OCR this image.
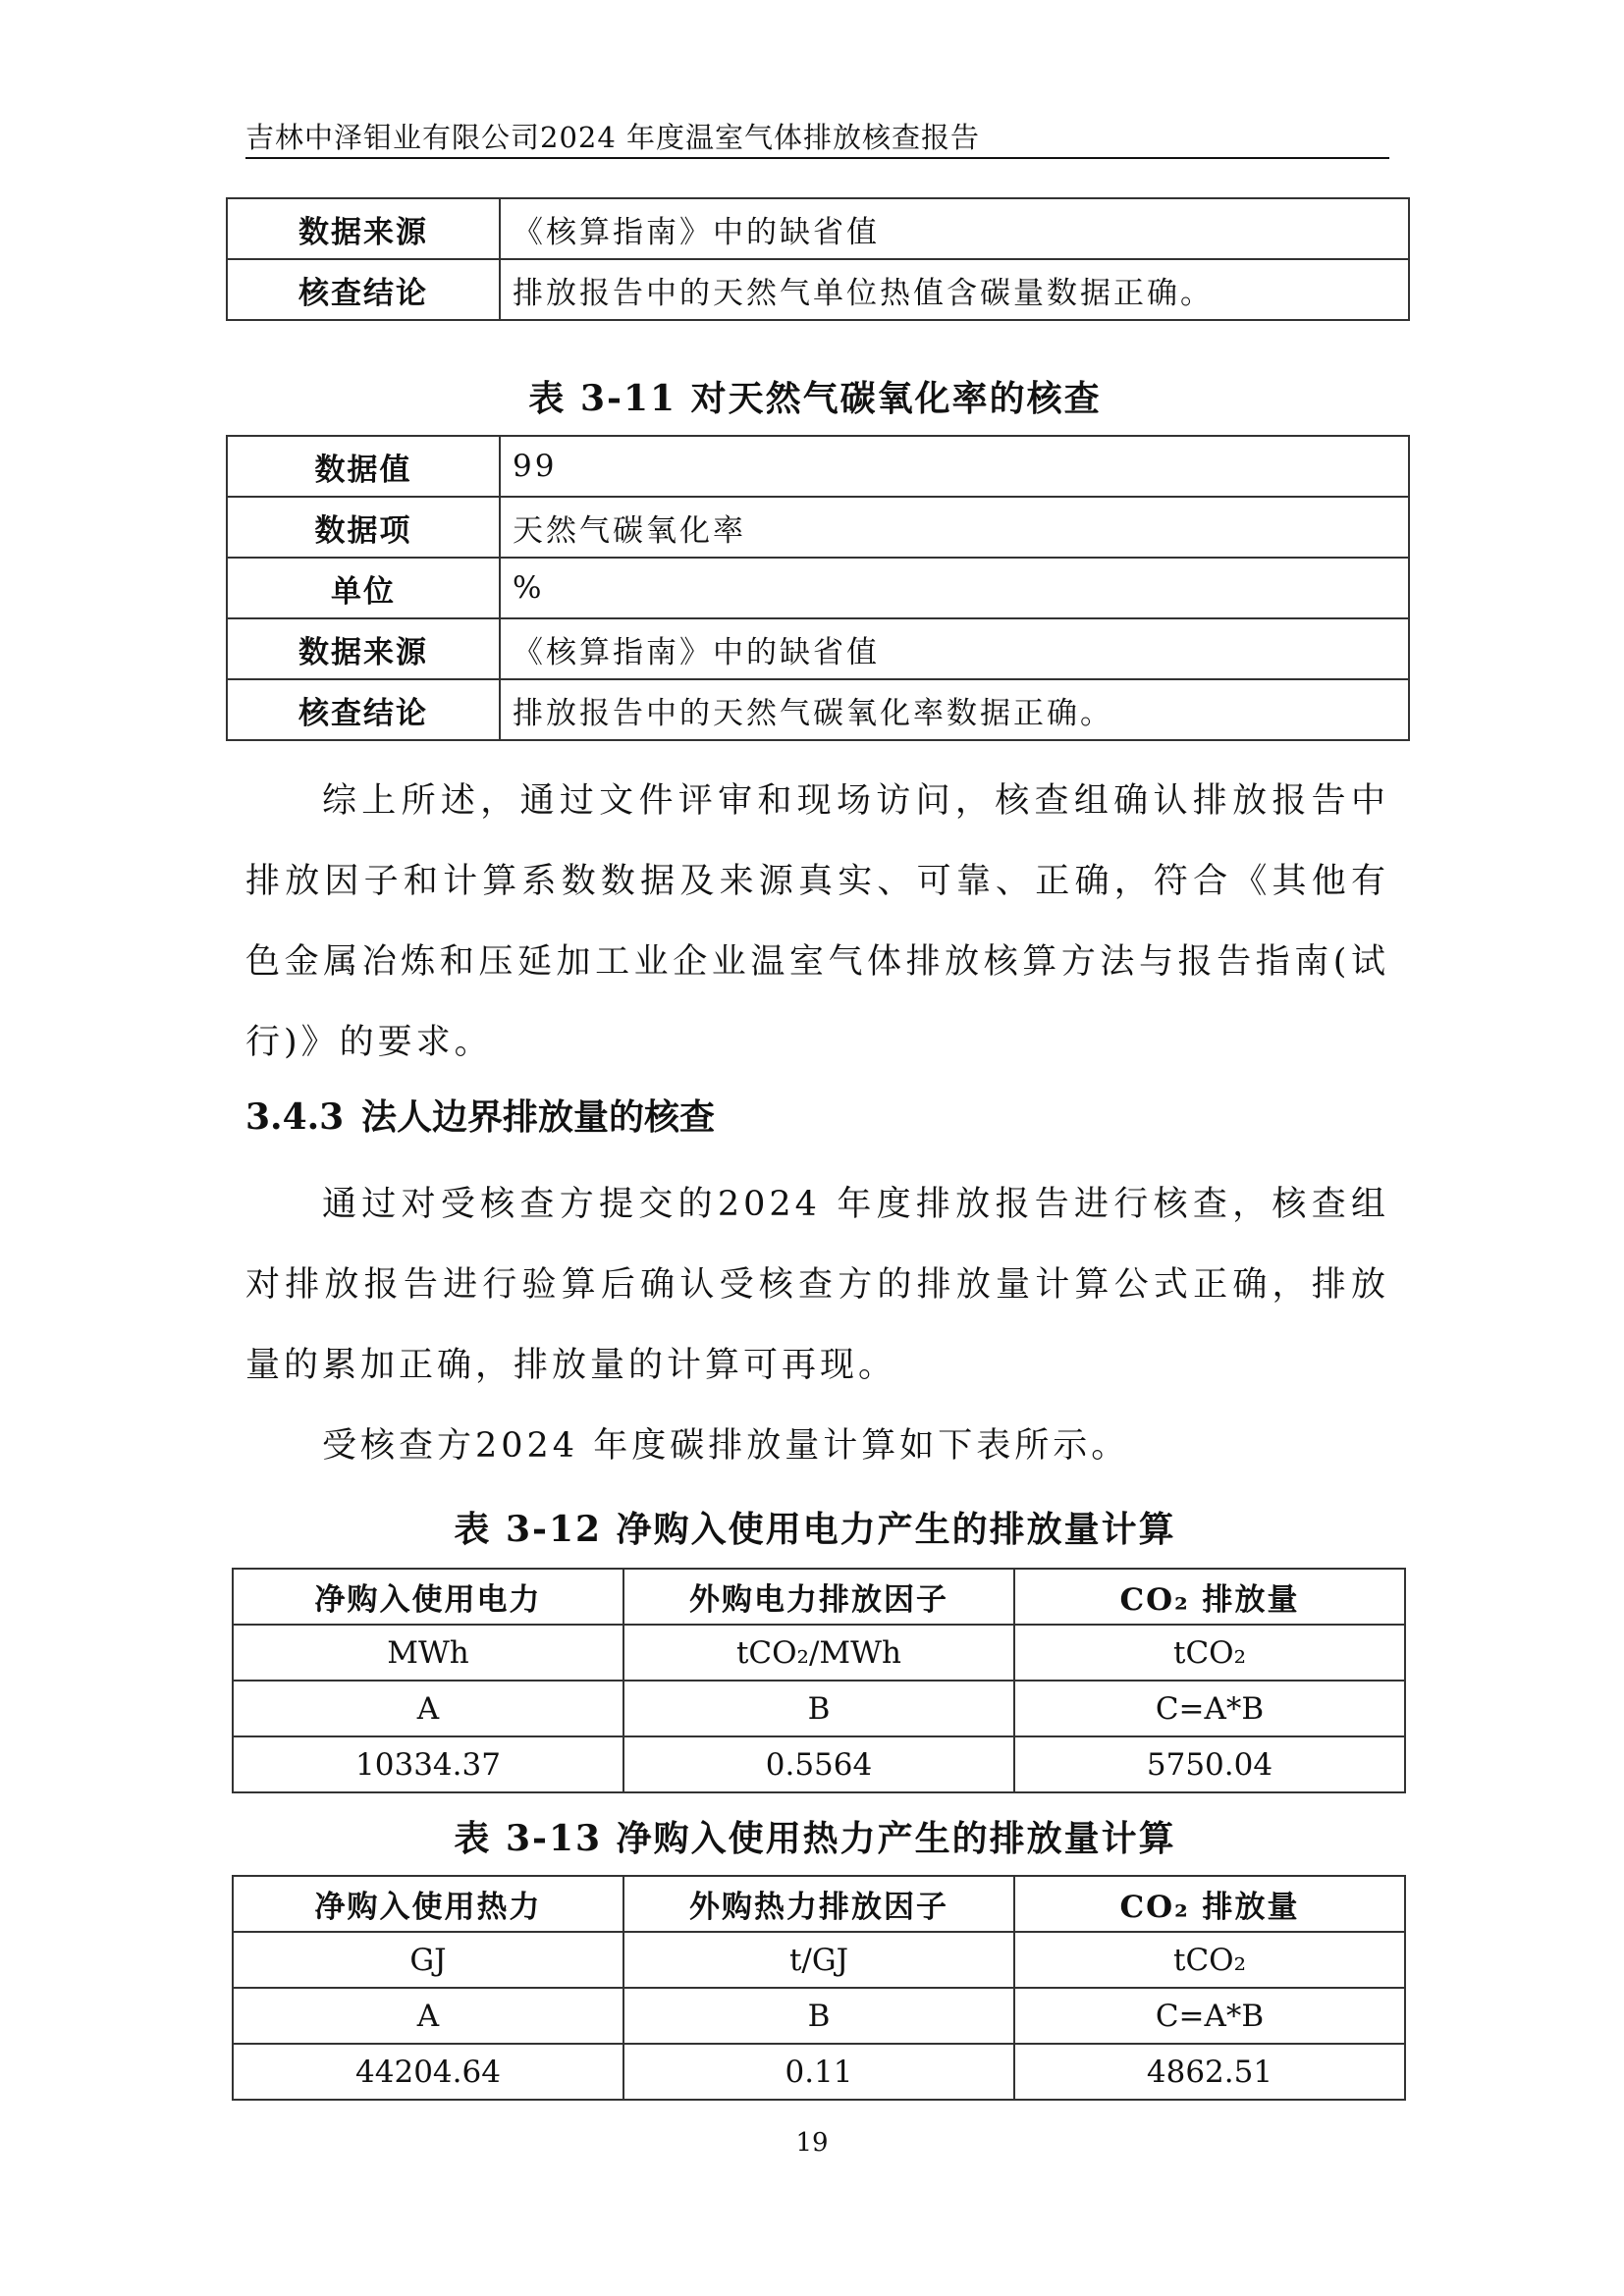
吉林中泽钼业有限公司2024 年度温室气体排放核查报告
数据来源	《核算指南》中的缺省值
核查结论	排放报告中的天然气单位热值含碳量数据正确。
表 3-11 对天然气碳氧化率的核查
数据值	99
数据项	天然气碳氧化率
单位	%
数据来源	《核算指南》中的缺省值
核查结论	排放报告中的天然气碳氧化率数据正确。

综上所述，通过文件评审和现场访问，核查组确认排放报告中排放因子和计算系数数据及来源真实、可靠、正确，符合《其他有色金属冶炼和压延加工业企业温室气体排放核算方法与报告指南(试行)》的要求。

3.4.3 法人边界排放量的核查

通过对受核查方提交的2024 年度排放报告进行核查，核查组对排放报告进行验算后确认受核查方的排放量计算公式正确，排放量的累加正确，排放量的计算可再现。

受核查方2024 年度碳排放量计算如下表所示。

表 3-12 净购入使用电力产生的排放量计算
净购入使用电力	外购电力排放因子	CO₂ 排放量
MWh	tCO₂/MWh	tCO₂
A	B	C=A*B
10334.37	0.5564	5750.04
表 3-13 净购入使用热力产生的排放量计算
净购入使用热力	外购热力排放因子	CO₂ 排放量
GJ	t/GJ	tCO₂
A	B	C=A*B
44204.64	0.11	4862.51
19
